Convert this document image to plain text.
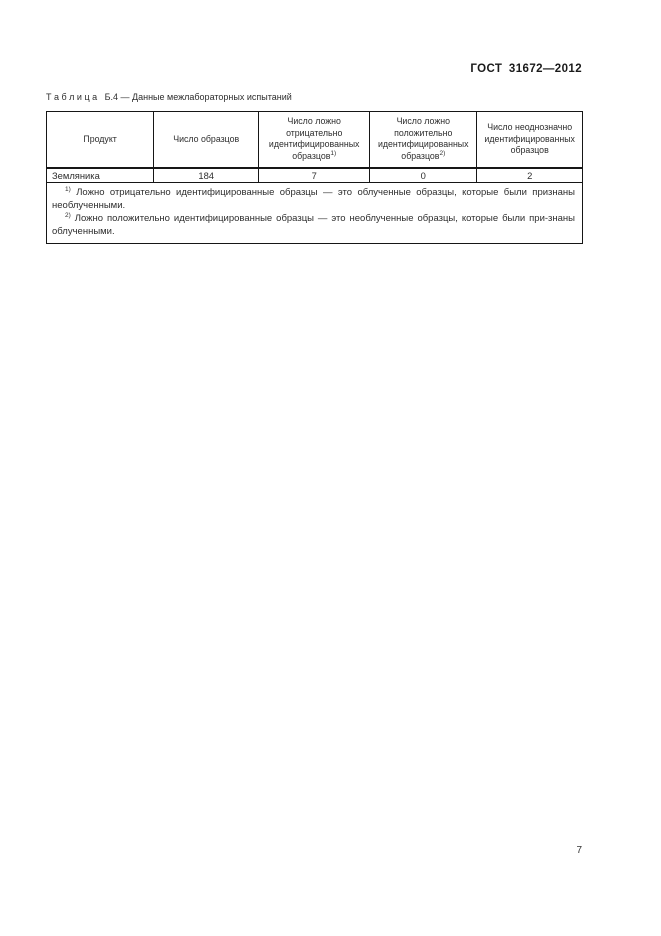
ГОСТ 31672—2012
Т а б л и ц а   Б.4 — Данные межлабораторных испытаний
Продукт	Число образцов	Число ложно отрицательно идентифицированных образцов$^{1)}$	Число ложно положительно идентифицированных образцов$^{2)}$	Число неоднозначно идентифицированных образцов
Земляника	184	7	0	2

$^{1)}$ Ложно отрицательно идентифицированные образцы — это облученные образцы, которые были признаны необлученными.

$^{2)}$ Ложно положительно идентифицированные образцы — это необлученные образцы, которые были при-знаны облученными.				

7
